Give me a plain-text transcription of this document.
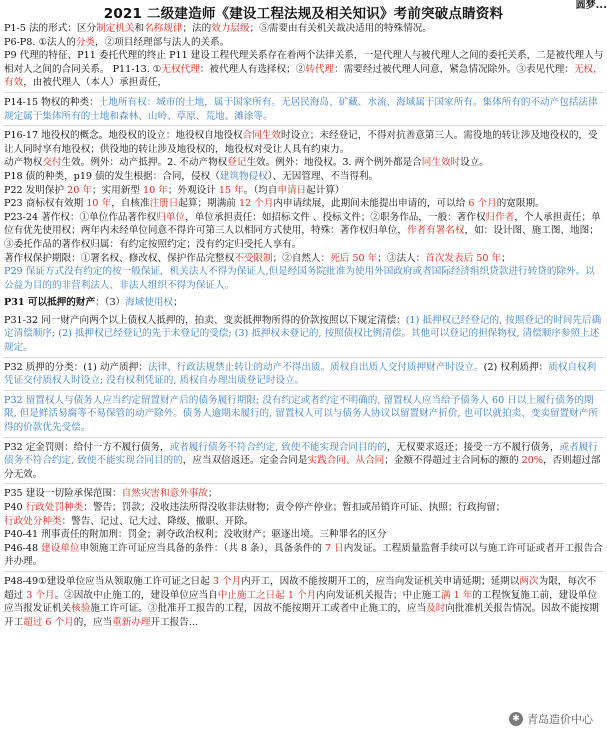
2021 二级建造师《建设工程法规及相关知识》考前突破点睛资料
圆梦...
P1-5 法的形式：区分制定机关和名称规律；法的效力层级；⑤需要由有关机关裁决适用的特殊情况。
P6-P8. ①法人的分类，②项目经理部与法人的关系。
P9 代理的特征、P11 委托代理的终止 P11 建设工程代理关系存在着两个法律关系，一是代理人与被代理人之间的委托关系，二是被代理人与相对人之间的合同关系。 P11-13. ①无权代理：被代理人有选择权；②转代理：需要经过被代理人同意，紧急情况除外。③表见代理：无权，有效，由被代理人（本人）承担责任，
P14-15 物权的种类：土地所有权：城市的土地，属于国家所有。无居民海岛、矿藏、水流、海域属于国家所有。集体所有的不动产包括法律规定属于集体所有的土地和森林、山岭、草原、荒地、滩涂等。
P16-17 地役权的概念。地役权的设立：地役权自地役权合同生效时设立；未经登记，不得对抗善意第三人。需役地的转让涉及地役权的，受让人同时享有地役权；供役地的转让涉及地役权的，地役权对受让人具有约束力。
动产物权交付生效。例外：动产抵押。2. 不动产物权登记生效。例外：地役权。3. 两个例外都是合同生效时设立。
P18 债的种类，p19 债的发生根据：合同，侵权（建筑物侵权）、无因管理、不当得利。
P22 发明保护 20 年；实用新型 10 年；外观设计 15 年。（均自申请日起计算）
P23 商标权有效期 10 年，自核准注册日起算；期满前 12 个月内申请续展，此期间未能提出申请的，可以给 6 个月的宽限期。
P23-24 著作权：①单位作品著作权归单位，单位承担责任：如招标文件 、投标文件；②职务作品，一般：著作权归作者，个人承担责任；单位有优先使用权；两年内未经单位同意不得许可第三人以相同方式使用，特殊：著作权归单位，作者有署名权，如：设计图、施工图、地图；③委托作品的著作权归属：有约定按照约定；没有约定归受托人享有。
著作权保护期限：①署名权、修改权、保护作品完整权不受限制；②自然人：死后 50 年；③法人：首次发表后 50 年；
P29 保证方式没有约定的按一般保证，机关法人不得为保证人,但是经国务院批准为使用外国政府或者国际经济组织贷款进行转贷的除外。以公益为目的的非营利法人、非法人组织不得为保证人。
P31 可以抵押的财产：（3）海域使用权；
P31-32 同一财产向两个以上债权人抵押的，拍卖、变卖抵押物所得的价款按照以下规定清偿：(1) 抵押权已经登记的, 按照登记的时间先后确定清偿顺序; (2) 抵押权已经登记的先于未登记的受偿; (3) 抵押权未登记的, 按照债权比例清偿。其他可以登记的担保物权, 清偿顺序参照上述规定。
P32 质押的分类：(1) 动产质押：法律、行政法规禁止转让的动产不得出质。质权自出质人交付质押财产时设立。(2) 权利质押：质权自权利凭证交付质权人时设立; 没有权利凭证的, 质权自办理出质登记时设立。
P32 留置权人与债务人应当约定留置财产后的债务履行期限; 没有约定或者约定不明确的, 留置权人应当给予债务人 60 日以上履行债务的期限, 但是鲜活易腐等不易保管的动产除外。债务人逾期未履行的, 留置权人可以与债务人协议以留置财产折价, 也可以就拍卖、变卖留置财产所得的价款优先受偿。
P32 定金罚则：给付一方不履行债务，或者履行债务不符合约定, 致使不能实现合同目的的，无权要求返还；接受一方不履行债务，或者履行债务不符合约定, 致使不能实现合同目的的，应当双倍返还。定金合同是实践合同、从合同；金额不得超过主合同标的额的 20%，否则超过部分无效。
P35 建设一切险承保范围：自然灾害和意外事故；
P40 行政处罚种类：警告；罚款；没收违法所得没收非法财物；责令停产停业；暂扣或吊销许可证、执照；行政拘留；
行政处分种类：警告、记过、记大过、降级、撤职、开除。
P40-41 刑事责任的附加刑：罚金；剥夺政治权利；没收财产；驱逐出境。三种罪名的区分
P46-48 建设单位申领施工许可证应当具备的条件：（共 8 条），具备条件的 7 日内发证。工程质量监督手续可以与施工许可证或者开工报告合并办理。
P48-49①建设单位应当从领取施工许可证之日起 3 个月内开工，因故不能按期开工的，应当向发证机关申请延期；延期以两次为限，每次不超过 3 个月。②因故中止施工的，建设单位应当自中止施工之日起 1 个月内向发证机关报告；中止施工满 1 年的工程恢复施工前，建设单位应当报发证机关核验施工许可证。③批准开工报告的工程，因故不能按期开工或者中止施工的，应当及时向批准机关报告情况。因故不能按期开工超过 6 个月的，应当重新办理开工报告...
✱ 青岛造价中心
